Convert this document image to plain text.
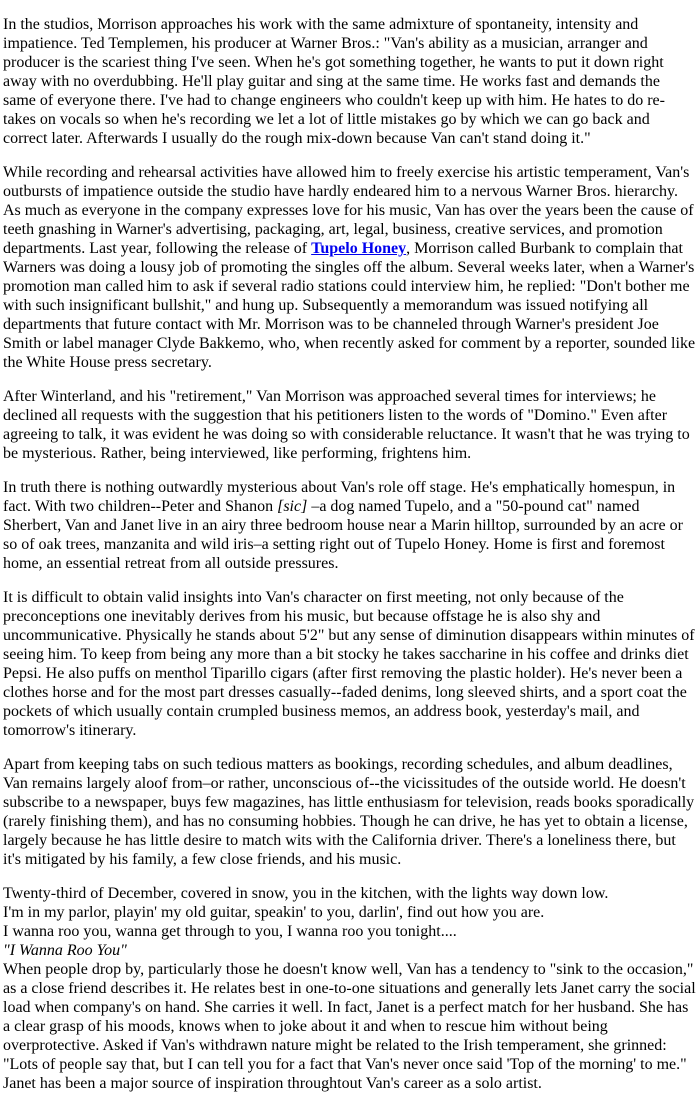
In the studios, Morrison approaches his work with the same admixture of spontaneity, intensity and impatience. Ted Templemen, his producer at Warner Bros.: "Van's ability as a musician, arranger and producer is the scariest thing I've seen. When he's got something together, he wants to put it down right away with no overdubbing. He'll play guitar and sing at the same time. He works fast and demands the same of everyone there. I've had to change engineers who couldn't keep up with him. He hates to do re-takes on vocals so when he's recording we let a lot of little mistakes go by which we can go back and correct later. Afterwards I usually do the rough mix-down because Van can't stand doing it."

While recording and rehearsal activities have allowed him to freely exercise his artistic temperament, Van's outbursts of impatience outside the studio have hardly endeared him to a nervous Warner Bros. hierarchy. As much as everyone in the company expresses love for his music, Van has over the years been the cause of teeth gnashing in Warner's advertising, packaging, art, legal, business, creative services, and promotion departments. Last year, following the release of Tupelo Honey, Morrison called Burbank to complain that Warners was doing a lousy job of promoting the singles off the album. Several weeks later, when a Warner's promotion man called him to ask if several radio stations could interview him, he replied: "Don't bother me with such insignificant bullshit," and hung up. Subsequently a memorandum was issued notifying all departments that future contact with Mr. Morrison was to be channeled through Warner's president Joe Smith or label manager Clyde Bakkemo, who, when recently asked for comment by a reporter, sounded like the White House press secretary.

After Winterland, and his "retirement," Van Morrison was approached several times for interviews; he declined all requests with the suggestion that his petitioners listen to the words of "Domino." Even after agreeing to talk, it was evident he was doing so with considerable reluctance. It wasn't that he was trying to be mysterious. Rather, being interviewed, like performing, frightens him.

In truth there is nothing outwardly mysterious about Van's role off stage. He's emphatically homespun, in fact. With two children--Peter and Shanon [sic] –a dog named Tupelo, and a "50-pound cat" named Sherbert, Van and Janet live in an airy three bedroom house near a Marin hilltop, surrounded by an acre or so of oak trees, manzanita and wild iris–a setting right out of Tupelo Honey. Home is first and foremost home, an essential retreat from all outside pressures.

It is difficult to obtain valid insights into Van's character on first meeting, not only because of the preconceptions one inevitably derives from his music, but because offstage he is also shy and uncommunicative. Physically he stands about 5'2" but any sense of diminution disappears within minutes of seeing him. To keep from being any more than a bit stocky he takes saccharine in his coffee and drinks diet Pepsi. He also puffs on menthol Tiparillo cigars (after first removing the plastic holder). He's never been a clothes horse and for the most part dresses casually--faded denims, long sleeved shirts, and a sport coat the pockets of which usually contain crumpled business memos, an address book, yesterday's mail, and tomorrow's itinerary.

Apart from keeping tabs on such tedious matters as bookings, recording schedules, and album deadlines, Van remains largely aloof from–or rather, unconscious of--the vicissitudes of the outside world. He doesn't subscribe to a newspaper, buys few magazines, has little enthusiasm for television, reads books sporadically (rarely finishing them), and has no consuming hobbies. Though he can drive, he has yet to obtain a license, largely because he has little desire to match wits with the California driver. There's a loneliness there, but it's mitigated by his family, a few close friends, and his music.

Twenty-third of December, covered in snow, you in the kitchen, with the lights way down low.
I'm in my parlor, playin' my old guitar, speakin' to you, darlin', find out how you are.
I wanna roo you, wanna get through to you, I wanna roo you tonight....
"I Wanna Roo You"
When people drop by, particularly those he doesn't know well, Van has a tendency to "sink to the occasion," as a close friend describes it. He relates best in one-to-one situations and generally lets Janet carry the social load when company's on hand. She carries it well. In fact, Janet is a perfect match for her husband. She has a clear grasp of his moods, knows when to joke about it and when to rescue him without being overprotective. Asked if Van's withdrawn nature might be related to the Irish temperament, she grinned: "Lots of people say that, but I can tell you for a fact that Van's never once said 'Top of the morning' to me." Janet has been a major source of inspiration throughtout Van's career as a solo artist.
